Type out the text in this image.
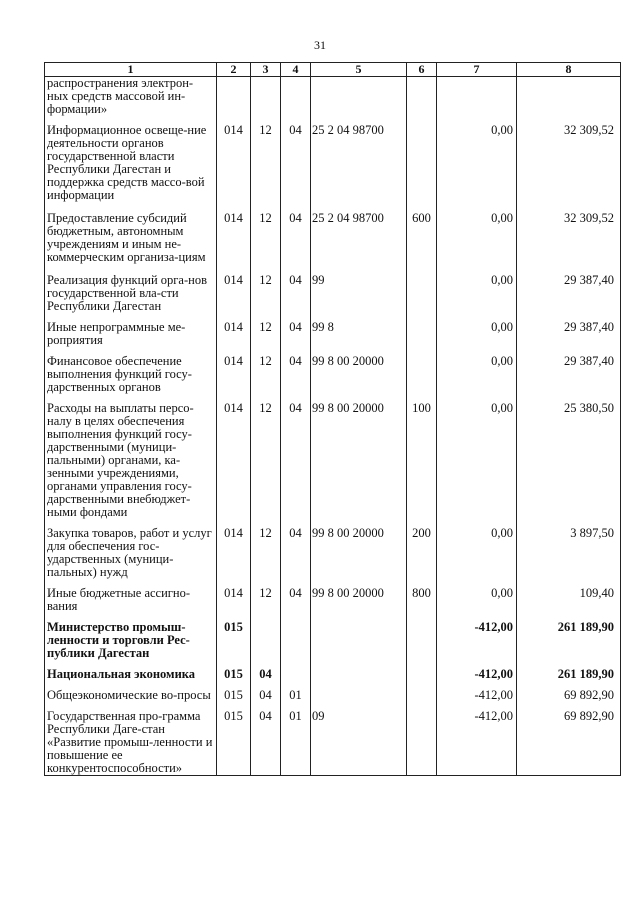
31
1	2	3	4	5	6	7	8
распространения электрон-ных средств массовой ин-формации»							
Информационное освеще-ние деятельности органов государственной власти Республики Дагестан и поддержка средств массо-вой информации	014	12	04	25 2 04 98700		0,00	32 309,52
Предоставление субсидий бюджетным, автономным учреждениям и иным не-коммерческим организа-циям	014	12	04	25 2 04 98700	600	0,00	32 309,52
Реализация функций орга-нов государственной вла-сти Республики Дагестан	014	12	04	99		0,00	29 387,40
Иные непрограммные ме-роприятия	014	12	04	99 8		0,00	29 387,40
Финансовое обеспечение выполнения функций госу-дарственных органов	014	12	04	99 8 00 20000		0,00	29 387,40
Расходы на выплаты персо-налу в целях обеспечения выполнения функций госу-дарственными (муници-пальными) органами, ка-зенными учреждениями, органами управления госу-дарственными внебюджет-ными фондами	014	12	04	99 8 00 20000	100	0,00	25 380,50
Закупка товаров, работ и услуг для обеспечения гос-ударственных (муници-пальных) нужд	014	12	04	99 8 00 20000	200	0,00	3 897,50
Иные бюджетные ассигно-вания	014	12	04	99 8 00 20000	800	0,00	109,40
Министерство промыш-ленности и торговли Рес-публики Дагестан	015					-412,00	261 189,90
Национальная экономика	015	04				-412,00	261 189,90
Общеэкономические во-просы	015	04	01			-412,00	69 892,90
Государственная про-грамма Республики Даге-стан «Развитие промыш-ленности и повышение ее конкурентоспособности»	015	04	01	09		-412,00	69 892,90
